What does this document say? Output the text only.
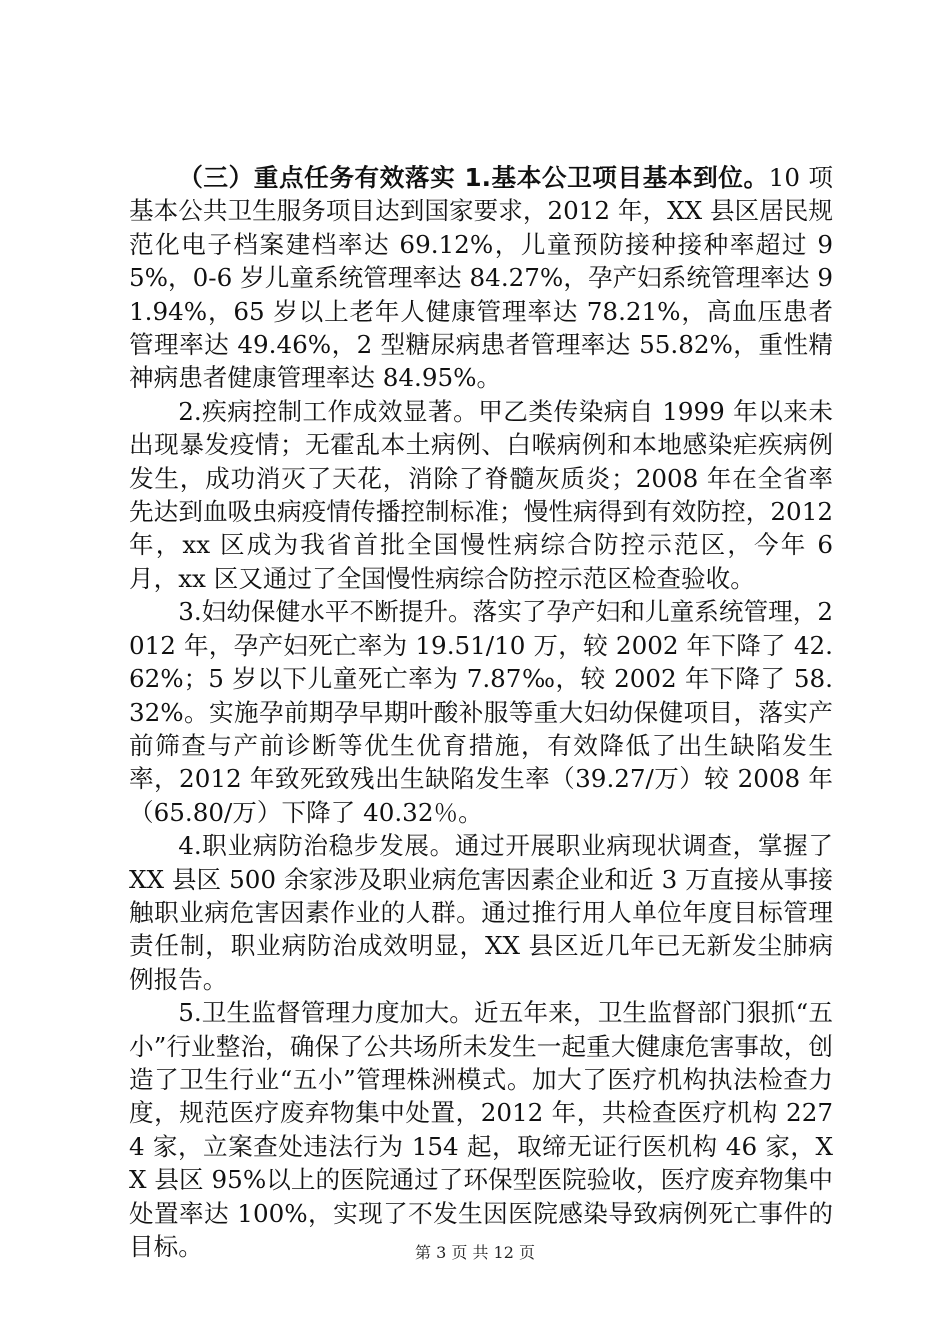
（三）重点任务有效落实 1.基本公卫项目基本到位。10 项基本公共卫生服务项目达到国家要求，2012 年，XX 县区居民规范化电子档案建档率达 69.12%，儿童预防接种接种率超过 95%，0-6 岁儿童系统管理率达 84.27%，孕产妇系统管理率达 91.94%，65 岁以上老年人健康管理率达 78.21%，高血压患者管理率达 49.46%，2 型糖尿病患者管理率达 55.82%，重性精神病患者健康管理率达 84.95%。

2.疾病控制工作成效显著。甲乙类传染病自 1999 年以来未出现暴发疫情；无霍乱本土病例、白喉病例和本地感染疟疾病例发生，成功消灭了天花，消除了脊髓灰质炎；2008 年在全省率先达到血吸虫病疫情传播控制标准；慢性病得到有效防控，2012 年，xx 区成为我省首批全国慢性病综合防控示范区，今年 6 月，xx 区又通过了全国慢性病综合防控示范区检查验收。

3.妇幼保健水平不断提升。落实了孕产妇和儿童系统管理，2012 年，孕产妇死亡率为 19.51/10 万，较 2002 年下降了 42.62%；5 岁以下儿童死亡率为 7.87‰，较 2002 年下降了 58.32%。实施孕前期孕早期叶酸补服等重大妇幼保健项目，落实产前筛查与产前诊断等优生优育措施，有效降低了出生缺陷发生率，2012 年致死致残出生缺陷发生率（39.27/万）较 2008 年（65.80/万）下降了 40.32％。

4.职业病防治稳步发展。通过开展职业病现状调查，掌握了 XX 县区 500 余家涉及职业病危害因素企业和近 3 万直接从事接触职业病危害因素作业的人群。通过推行用人单位年度目标管理责任制，职业病防治成效明显，XX 县区近几年已无新发尘肺病例报告。

5.卫生监督管理力度加大。近五年来，卫生监督部门狠抓“五小”行业整治，确保了公共场所未发生一起重大健康危害事故，创造了卫生行业“五小”管理株洲模式。加大了医疗机构执法检查力度，规范医疗废弃物集中处置，2012 年，共检查医疗机构 2274 家，立案查处违法行为 154 起，取缔无证行医机构 46 家，XX 县区 95%以上的医院通过了环保型医院验收，医疗废弃物集中处置率达 100%，实现了不发生因医院感染导致病例死亡事件的目标。	第 3 页 共 12 页
